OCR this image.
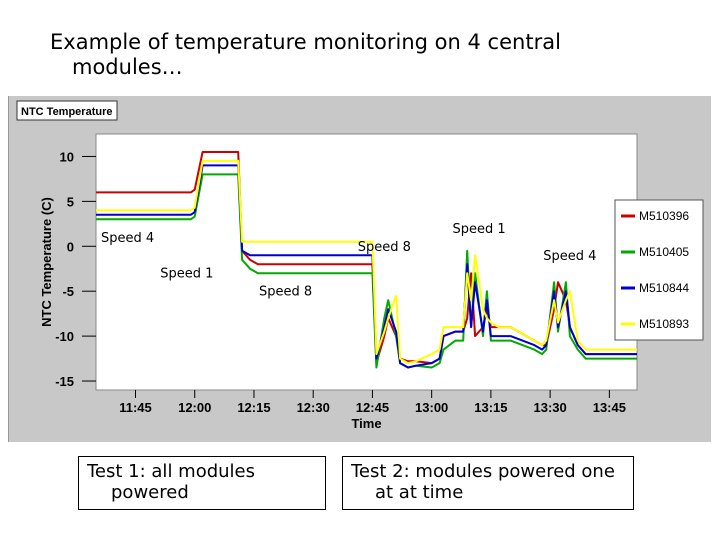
Example of temperature monitoring on 4 central
modules…
NTC Temperature
10
5
0
-5
-10
-15
NTC Temperature (C)
11:45 12:00 12:15 12:30 12:45 13:00 13:15 13:30 13:45
Time
M510396
M510405
M510844
M510893
Speed 4
Speed 1
Speed 8
Speed 8
Speed 1
Speed 4
Test 1: all modules
powered
Test 2: modules powered one
at at time
